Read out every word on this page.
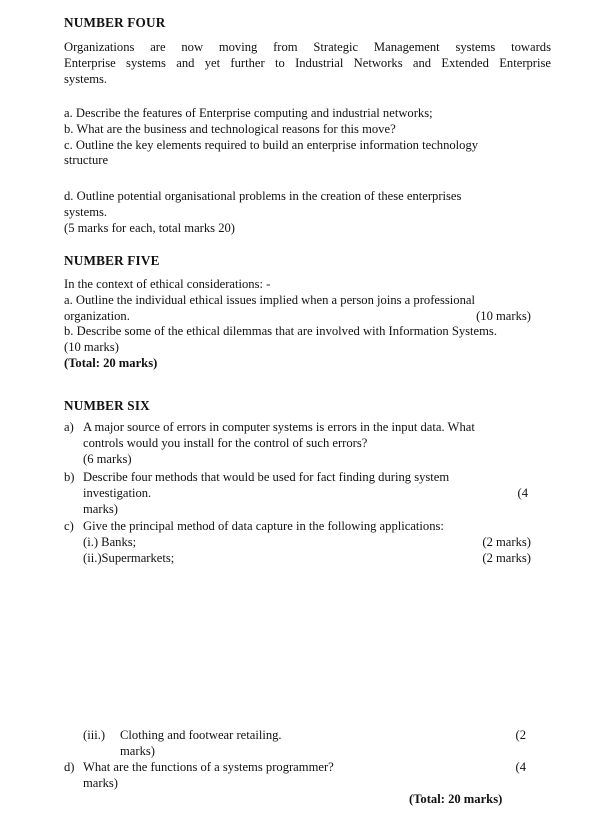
NUMBER FOUR
Organizations are now moving from Strategic Management systems towards
Enterprise systems and yet further to Industrial Networks and Extended Enterprise
systems.
a. Describe the features of Enterprise computing and industrial networks;
b. What are the business and technological reasons for this move?
c. Outline the key elements required to build an enterprise information technology
structure
d. Outline potential organisational problems in the creation of these enterprises
systems.
(5 marks for each, total marks 20)
NUMBER FIVE
In the context of ethical considerations: -
a. Outline the individual ethical issues implied when a person joins a professional
organization.	(10 marks)
b. Describe some of the ethical dilemmas that are involved with Information Systems.
(10 marks)
(Total: 20 marks)
NUMBER SIX
a) A major source of errors in computer systems is errors in the input data. What
controls would you install for the control of such errors?
(6 marks)
b) Describe four methods that would be used for fact finding during system
investigation.	(4
marks)
c) Give the principal method of data capture in the following applications:
(i.) Banks;	(2 marks)
(ii.)Supermarkets;	(2 marks)
(iii.) Clothing and footwear retailing.	(2
marks)
d) What are the functions of a systems programmer?	(4
marks)
(Total: 20 marks)
